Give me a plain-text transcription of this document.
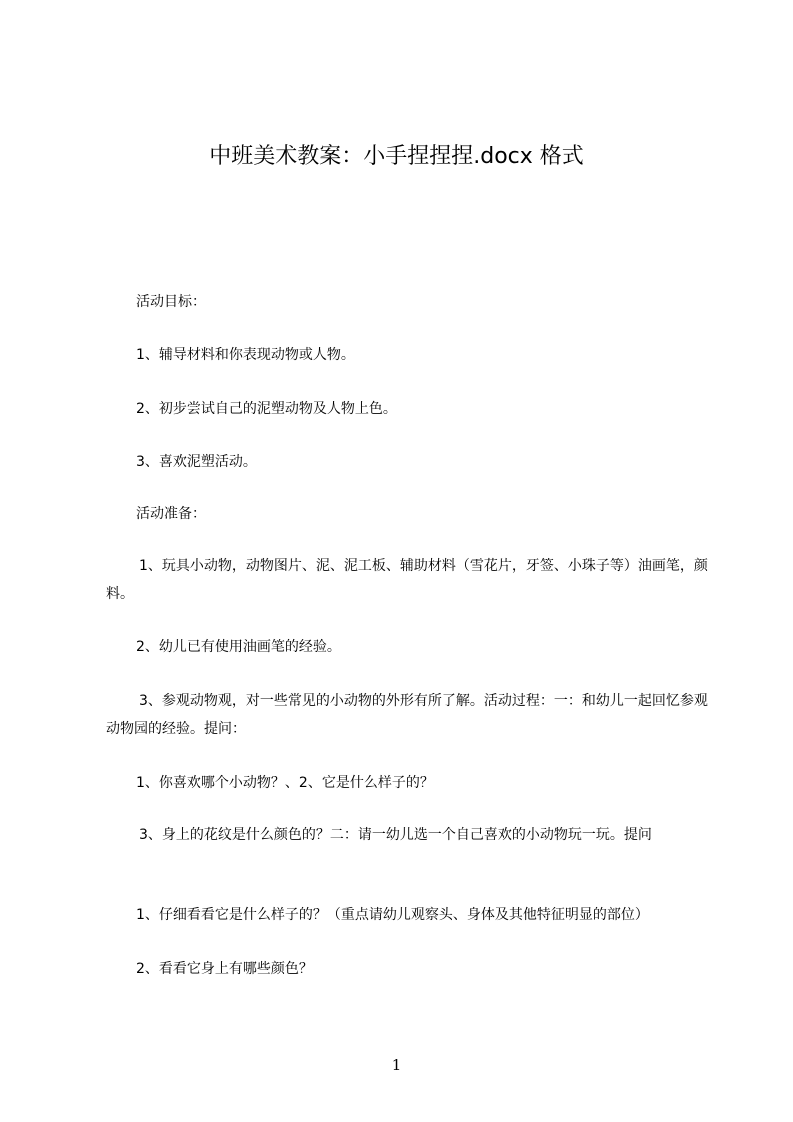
中班美术教案：小手捏捏捏.docx 格式

活动目标：

1、辅导材料和你表现动物或人物。

2、初步尝试自己的泥塑动物及人物上色。

3、喜欢泥塑活动。

活动准备：

1、玩具小动物，动物图片、泥、泥工板、辅助材料（雪花片，牙签、小珠子等）油画笔，颜料。

2、幼儿已有使用油画笔的经验。

3、参观动物观，对一些常见的小动物的外形有所了解。活动过程：一：和幼儿一起回忆参观动物园的经验。提问：

1、你喜欢哪个小动物？、2、它是什么样子的？

3、身上的花纹是什么颜色的？二：请一幼儿选一个自己喜欢的小动物玩一玩。提问

1、仔细看看它是什么样子的？（重点请幼儿观察头、身体及其他特征明显的部位）

2、看看它身上有哪些颜色？

1
